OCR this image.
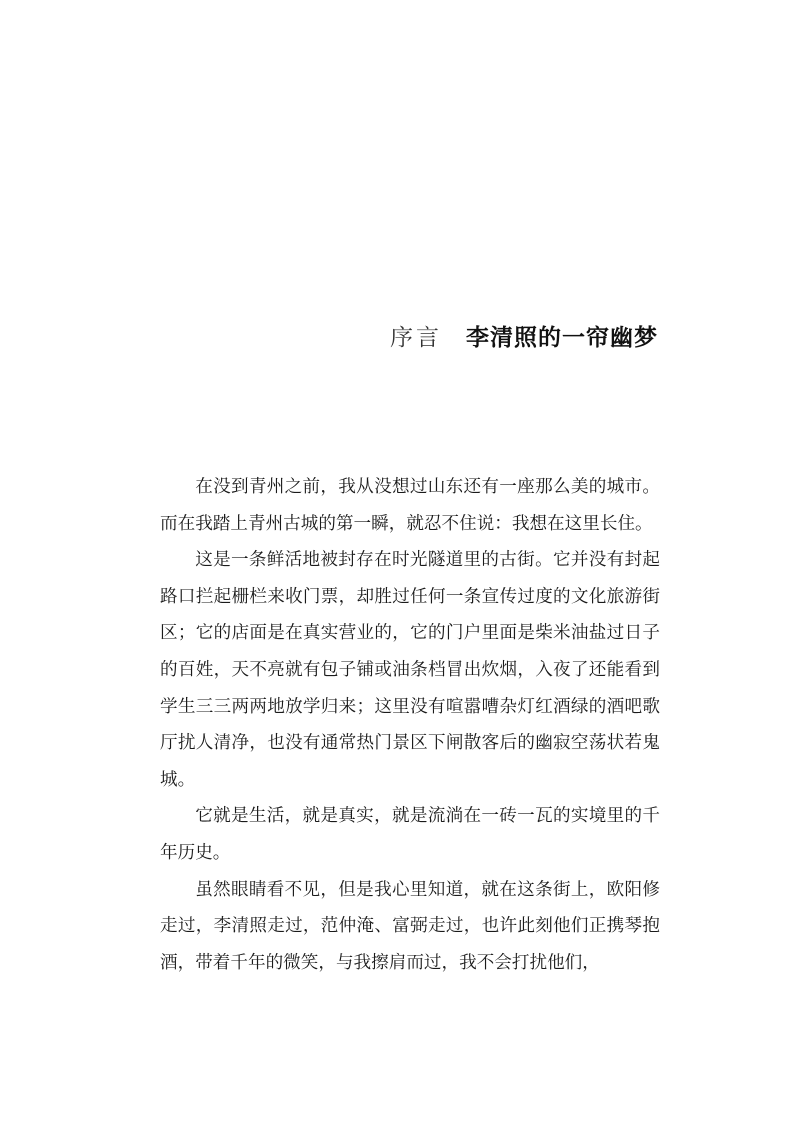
序言 李清照的一帘幽梦

在没到青州之前，我从没想过山东还有一座那么美的城市。而在我踏上青州古城的第一瞬，就忍不住说：我想在这里长住。

这是一条鲜活地被封存在时光隧道里的古街。它并没有封起路口拦起栅栏来收门票，却胜过任何一条宣传过度的文化旅游街区；它的店面是在真实营业的，它的门户里面是柴米油盐过日子的百姓，天不亮就有包子铺或油条档冒出炊烟，入夜了还能看到学生三三两两地放学归来；这里没有喧嚣嘈杂灯红酒绿的酒吧歌厅扰人清净，也没有通常热门景区下闸散客后的幽寂空荡状若鬼城。

它就是生活，就是真实，就是流淌在一砖一瓦的实境里的千年历史。

虽然眼睛看不见，但是我心里知道，就在这条街上，欧阳修走过，李清照走过，范仲淹、富弼走过，也许此刻他们正携琴抱酒，带着千年的微笑，与我擦肩而过，我不会打扰他们，
